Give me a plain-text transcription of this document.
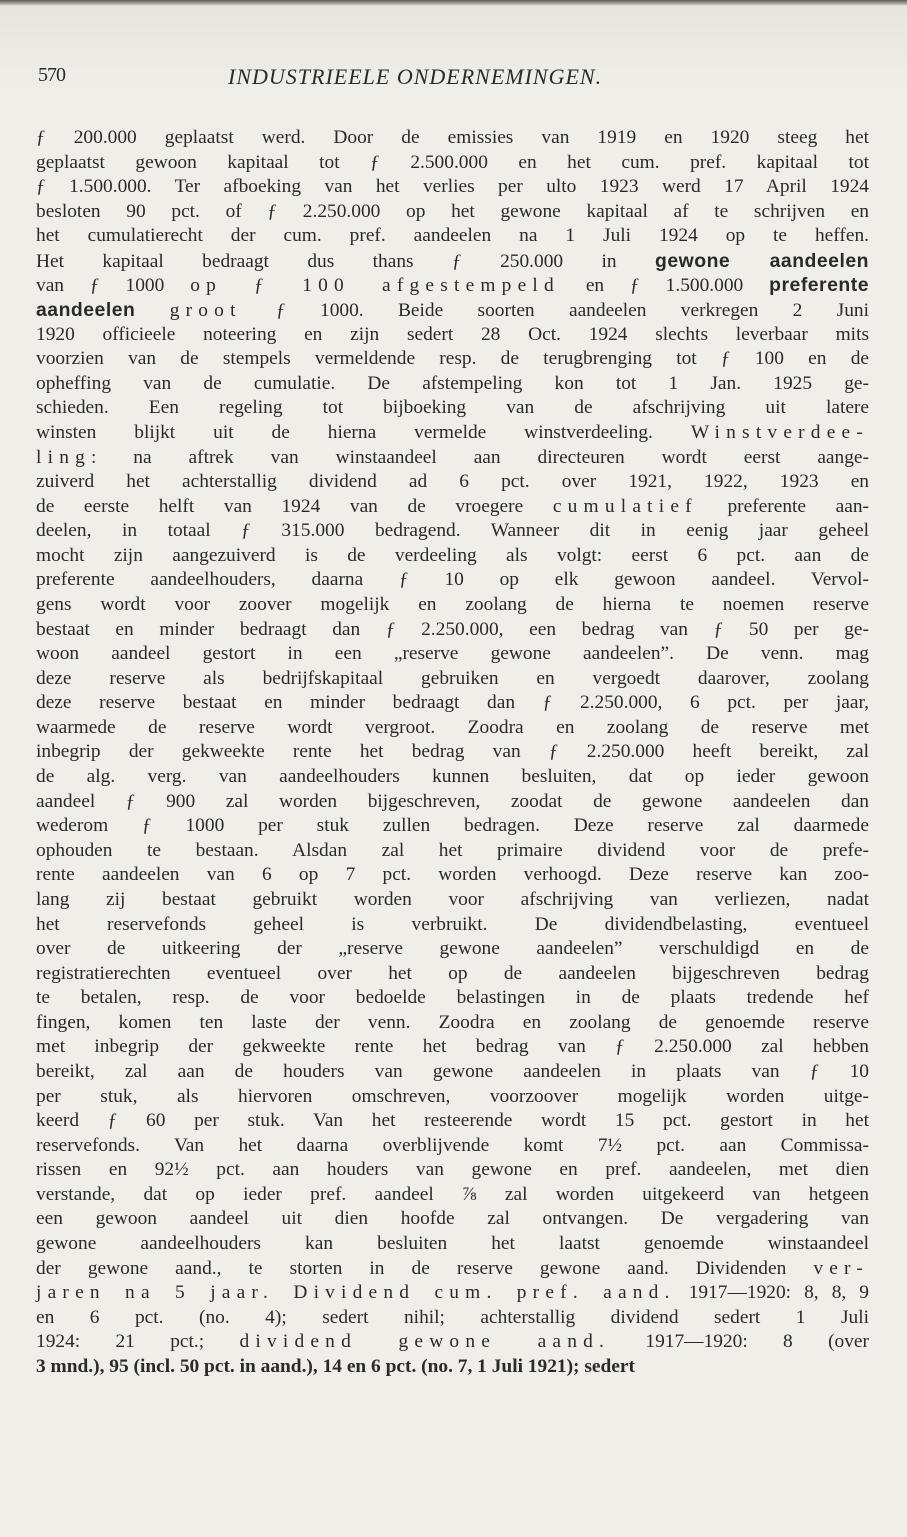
570	INDUSTRIEELE ONDERNEMINGEN.
ƒ 200.000 geplaatst werd. Door de emissies van 1919 en 1920 steeg het
geplaatst gewoon kapitaal tot ƒ 2.500.000 en het cum. pref. kapitaal tot
ƒ 1.500.000. Ter afboeking van het verlies per ulto 1923 werd 17 April 1924
besloten 90 pct. of ƒ 2.250.000 op het gewone kapitaal af te schrijven en
het cumulatierecht der cum. pref. aandeelen na 1 Juli 1924 op te heffen.
Het kapitaal bedraagt dus thans ƒ 250.000 in gewone aandeelen
van ƒ 1000 op ƒ 100 afgestempeld en ƒ 1.500.000 preferente
aandeelen groot ƒ 1000. Beide soorten aandeelen verkregen 2 Juni
1920 officieele noteering en zijn sedert 28 Oct. 1924 slechts leverbaar mits
voorzien van de stempels vermeldende resp. de terugbrenging tot ƒ 100 en de
opheffing van de cumulatie. De afstempeling kon tot 1 Jan. 1925 ge-
schieden. Een regeling tot bijboeking van de afschrijving uit latere
winsten blijkt uit de hierna vermelde winstverdeeling. Winstverdee-
ling: na aftrek van winstaandeel aan directeuren wordt eerst aange-
zuiverd het achterstallig dividend ad 6 pct. over 1921, 1922, 1923 en
de eerste helft van 1924 van de vroegere cumulatief preferente aan-
deelen, in totaal ƒ 315.000 bedragend. Wanneer dit in eenig jaar geheel
mocht zijn aangezuiverd is de verdeeling als volgt: eerst 6 pct. aan de
preferente aandeelhouders, daarna ƒ 10 op elk gewoon aandeel. Vervol-
gens wordt voor zoover mogelijk en zoolang de hierna te noemen reserve
bestaat en minder bedraagt dan ƒ 2.250.000, een bedrag van ƒ 50 per ge-
woon aandeel gestort in een „reserve gewone aandeelen”. De venn. mag
deze reserve als bedrijfskapitaal gebruiken en vergoedt daarover, zoolang
deze reserve bestaat en minder bedraagt dan ƒ 2.250.000, 6 pct. per jaar,
waarmede de reserve wordt vergroot. Zoodra en zoolang de reserve met
inbegrip der gekweekte rente het bedrag van ƒ 2.250.000 heeft bereikt, zal
de alg. verg. van aandeelhouders kunnen besluiten, dat op ieder gewoon
aandeel ƒ 900 zal worden bijgeschreven, zoodat de gewone aandeelen dan
wederom ƒ 1000 per stuk zullen bedragen. Deze reserve zal daarmede
ophouden te bestaan. Alsdan zal het primaire dividend voor de prefe-
rente aandeelen van 6 op 7 pct. worden verhoogd. Deze reserve kan zoo-
lang zij bestaat gebruikt worden voor afschrijving van verliezen, nadat
het reservefonds geheel is verbruikt. De dividendbelasting, eventueel
over de uitkeering der „reserve gewone aandeelen” verschuldigd en de
registratierechten eventueel over het op de aandeelen bijgeschreven bedrag
te betalen, resp. de voor bedoelde belastingen in de plaats tredende hef
fingen, komen ten laste der venn. Zoodra en zoolang de genoemde reserve
met inbegrip der gekweekte rente het bedrag van ƒ 2.250.000 zal hebben
bereikt, zal aan de houders van gewone aandeelen in plaats van ƒ 10
per stuk, als hiervoren omschreven, voorzoover mogelijk worden uitge-
keerd ƒ 60 per stuk. Van het resteerende wordt 15 pct. gestort in het
reservefonds. Van het daarna overblijvende komt 7½ pct. aan Commissa-
rissen en 92½ pct. aan houders van gewone en pref. aandeelen, met dien
verstande, dat op ieder pref. aandeel ⅞ zal worden uitgekeerd van hetgeen
een gewoon aandeel uit dien hoofde zal ontvangen. De vergadering van
gewone aandeelhouders kan besluiten het laatst genoemde winstaandeel
der gewone aand., te storten in de reserve gewone aand. Dividenden ver-
jaren na 5 jaar. Dividend cum. pref. aand. 1917—1920: 8, 8, 9
en 6 pct. (no. 4); sedert nihil; achterstallig dividend sedert 1 Juli
1924: 21 pct.; dividend gewone aand. 1917—1920: 8 (over
3 mnd.), 95 (incl. 50 pct. in aand.), 14 en 6 pct. (no. 7, 1 Juli 1921); sedert
